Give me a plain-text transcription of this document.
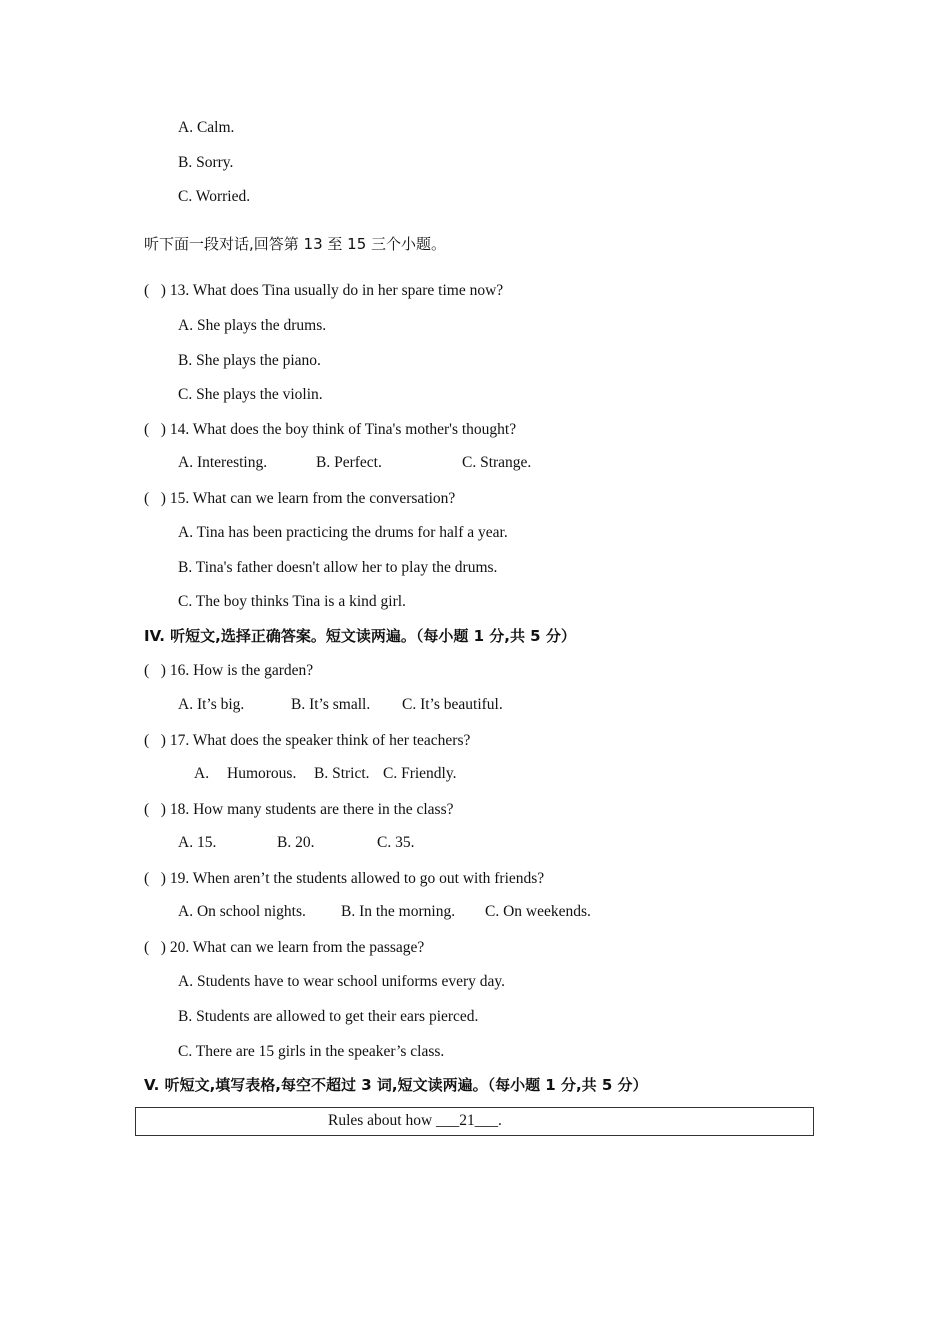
A. Calm.
B. Sorry.
C. Worried.
听下面一段对话,回答第 13 至 15 三个小题。
(   ) 13. What does Tina usually do in her spare time now?
A. She plays the drums.
B. She plays the piano.
C. She plays the violin.
(   ) 14. What does the boy think of Tina's mother's thought?
A. Interesting.	B. Perfect.	C. Strange.
(   ) 15. What can we learn from the conversation?
A. Tina has been practicing the drums for half a year.
B. Tina's father doesn't allow her to play the drums.
C. The boy thinks Tina is a kind girl.
IV. 听短文,选择正确答案。短文读两遍。（每小题 1 分,共 5 分）
(   ) 16. How is the garden?
A. It’s big.	B. It’s small. C. It’s beautiful.
(   ) 17. What does the speaker think of her teachers?
A. Humorous. B. Strict. C. Friendly.
(   ) 18. How many students are there in the class?
A. 15.	B. 20.	C. 35.
(   ) 19. When aren’t the students allowed to go out with friends?
A. On school nights. B. In the morning. C. On weekends.
(   ) 20. What can we learn from the passage?
A. Students have to wear school uniforms every day.
B. Students are allowed to get their ears pierced.
C. There are 15 girls in the speaker’s class.
V. 听短文,填写表格,每空不超过 3 词,短文读两遍。（每小题 1 分,共 5 分）
Rules about how ___21___.
